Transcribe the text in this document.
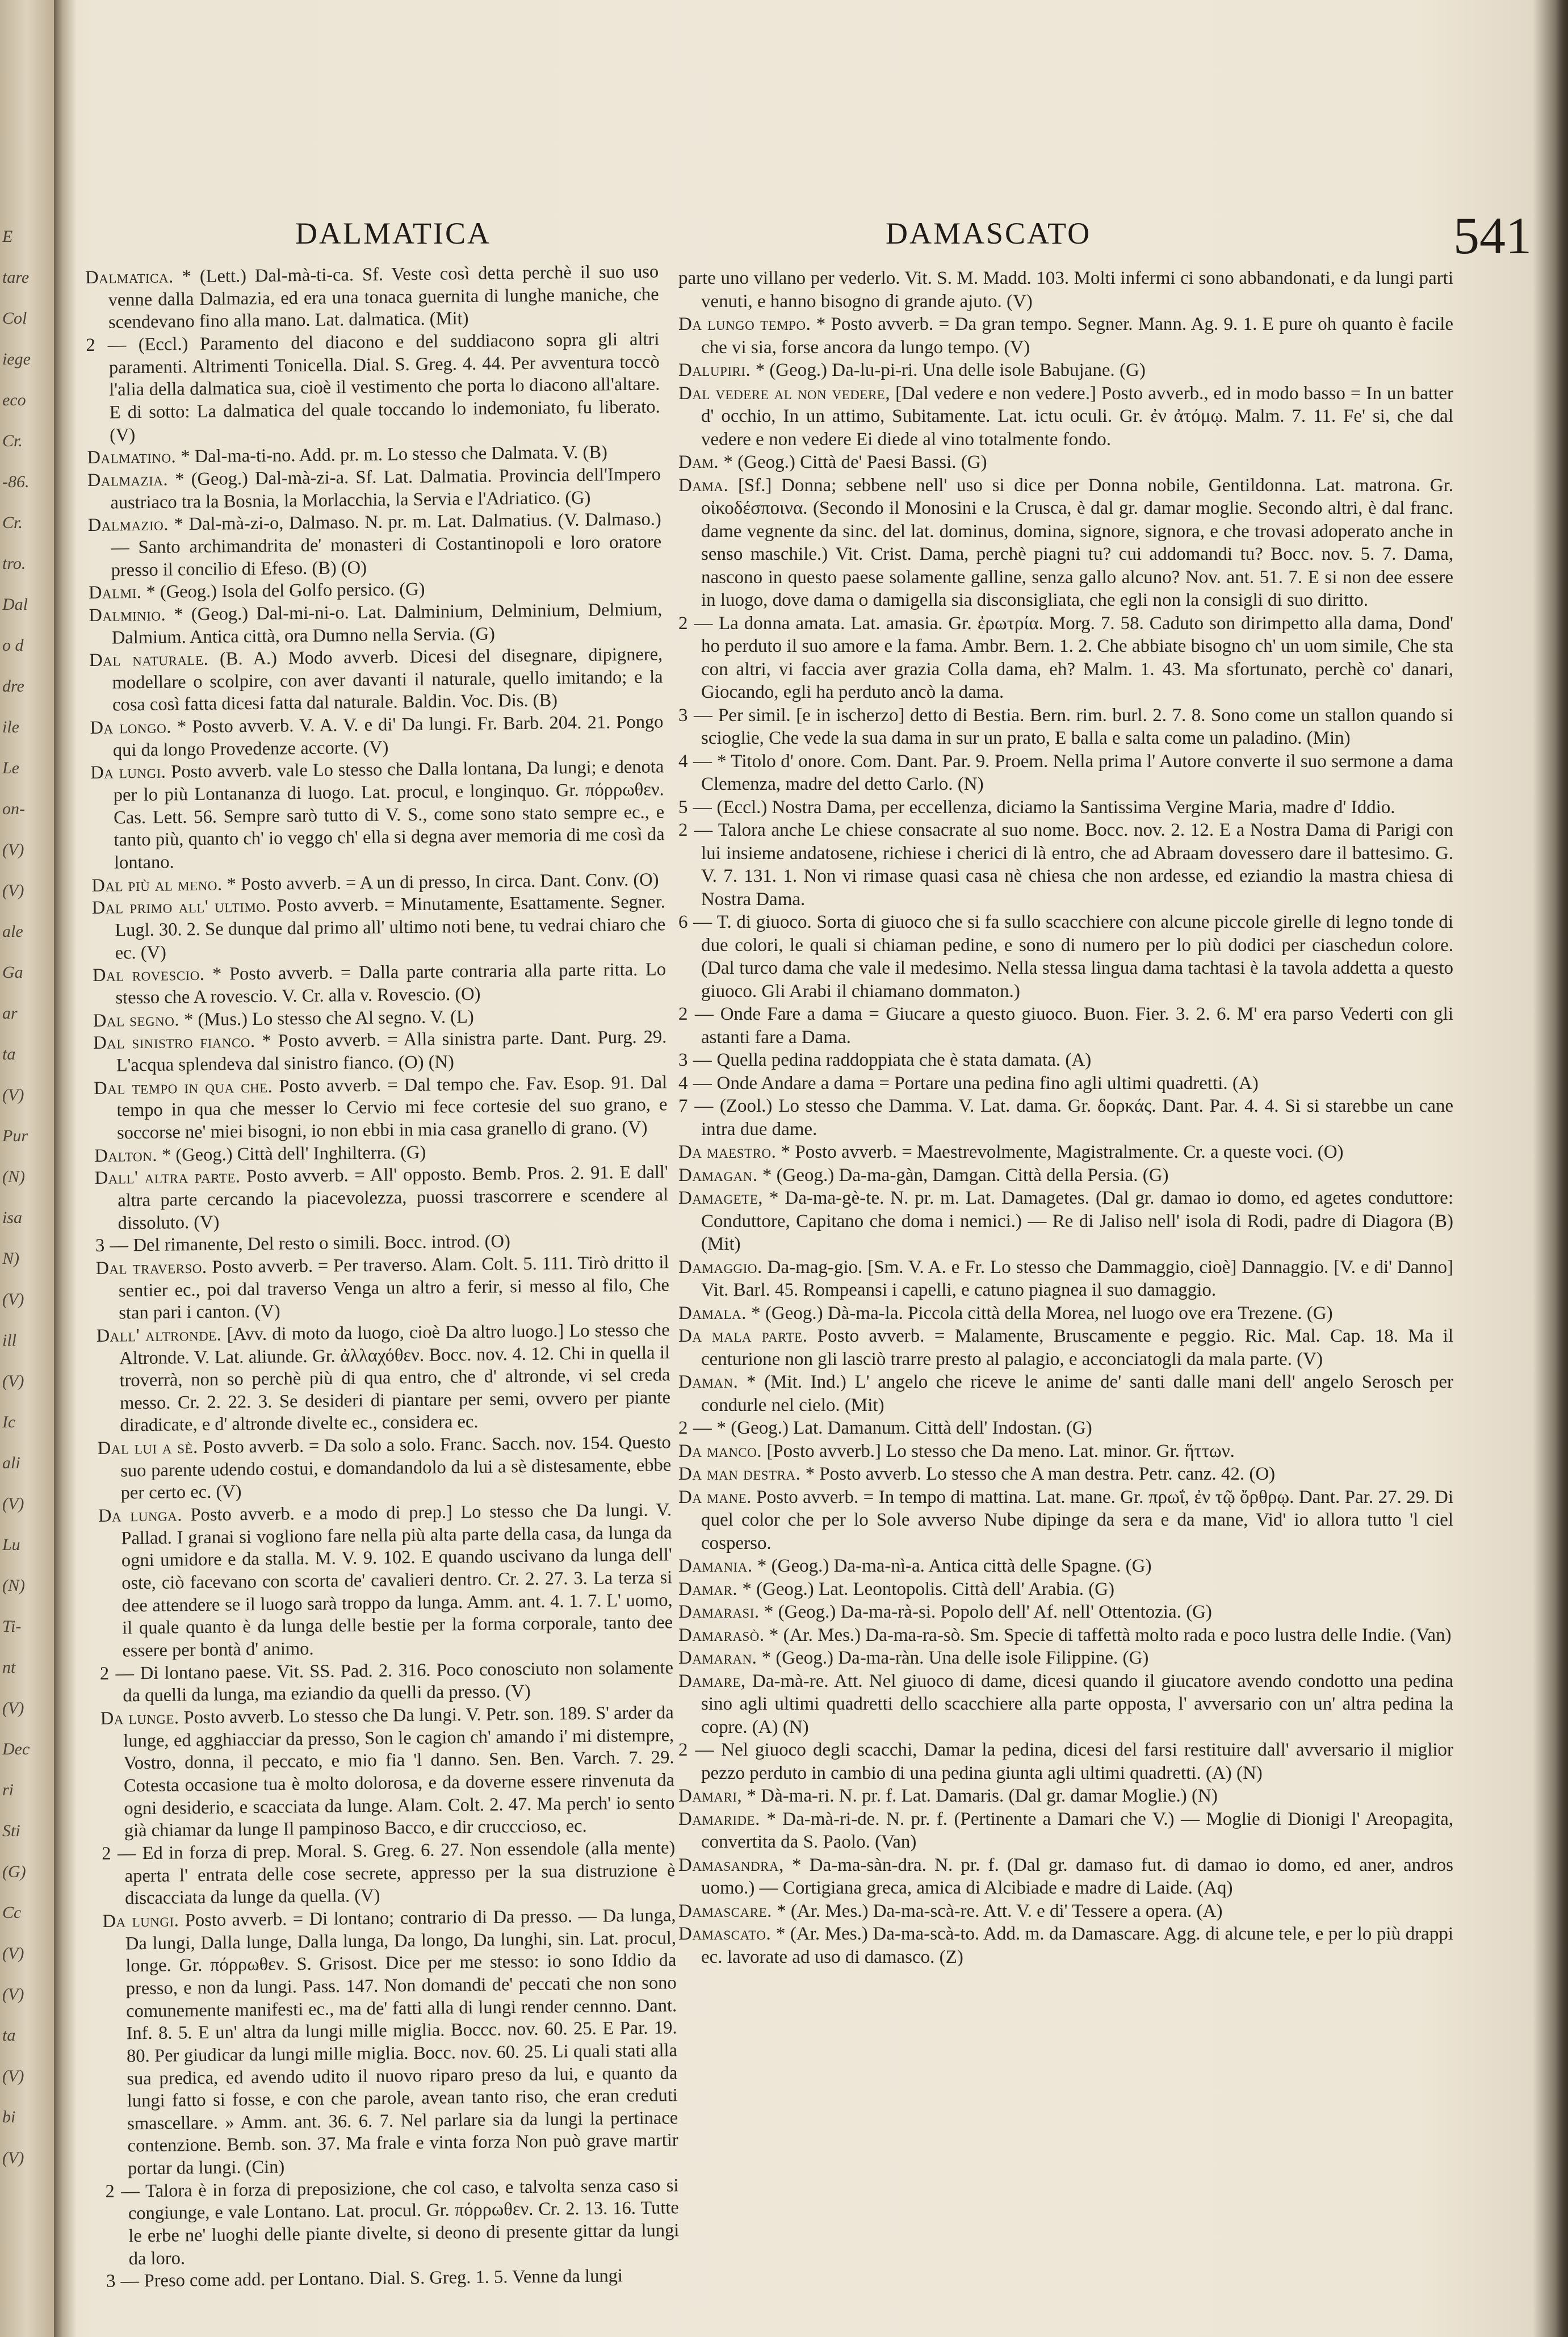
E
tare
Col
iege
eco
Cr.
-86.
Cr.
tro.
Dal
o d
dre
ile
Le
on-
(V)
(V)
ale
Ga
ar
ta
(V)
Pur
(N)
isa
N)
(V)
ill
(V)
Ic
ali
(V)
Lu
(N)
Ti-
nt
(V)
Dec
ri
Sti
(G)
Cc
(V)
(V)
ta
(V)
bi
(V)
DALMATICA	DAMASCATO	541

Dalmatica. * (Lett.) Dal-mà-ti-ca. Sf. Veste così detta perchè il suo uso venne dalla Dalmazia, ed era una tonaca guernita di lunghe maniche, che scendevano fino alla mano. Lat. dalmatica. (Mit)

2 — (Eccl.) Paramento del diacono e del suddiacono sopra gli altri paramenti. Altrimenti Tonicella. Dial. S. Greg. 4. 44. Per avventura toccò l'alia della dalmatica sua, cioè il vestimento che porta lo diacono all'altare. E di sotto: La dalmatica del quale toccando lo indemoniato, fu liberato. (V)

Dalmatino. * Dal-ma-ti-no. Add. pr. m. Lo stesso che Dalmata. V. (B)

Dalmazia. * (Geog.) Dal-mà-zi-a. Sf. Lat. Dalmatia. Provincia dell'Impero austriaco tra la Bosnia, la Morlacchia, la Servia e l'Adriatico. (G)

Dalmazio. * Dal-mà-zi-o, Dalmaso. N. pr. m. Lat. Dalmatius. (V. Dalmaso.) — Santo archimandrita de' monasteri di Costantinopoli e loro oratore presso il concilio di Efeso. (B) (O)

Dalmi. * (Geog.) Isola del Golfo persico. (G)

Dalminio. * (Geog.) Dal-mi-ni-o. Lat. Dalminium, Delminium, Delmium, Dalmium. Antica città, ora Dumno nella Servia. (G)

Dal naturale. (B. A.) Modo avverb. Dicesi del disegnare, dipignere, modellare o scolpire, con aver davanti il naturale, quello imitando; e la cosa così fatta dicesi fatta dal naturale. Baldin. Voc. Dis. (B)

Da longo. * Posto avverb. V. A. V. e di' Da lungi. Fr. Barb. 204. 21. Pongo qui da longo Provedenze accorte. (V)

Da lungi. Posto avverb. vale Lo stesso che Dalla lontana, Da lungi; e denota per lo più Lontananza di luogo. Lat. procul, e longinquo. Gr. πόρρωθεν. Cas. Lett. 56. Sempre sarò tutto di V. S., come sono stato sempre ec., e tanto più, quanto ch' io veggo ch' ella si degna aver memoria di me così da lontano.

Dal più al meno. * Posto avverb. = A un di presso, In circa. Dant. Conv. (O)

Dal primo all' ultimo. Posto avverb. = Minutamente, Esattamente. Segner. Lugl. 30. 2. Se dunque dal primo all' ultimo noti bene, tu vedrai chiaro che ec. (V)

Dal rovescio. * Posto avverb. = Dalla parte contraria alla parte ritta. Lo stesso che A rovescio. V. Cr. alla v. Rovescio. (O)

Dal segno. * (Mus.) Lo stesso che Al segno. V. (L)

Dal sinistro fianco. * Posto avverb. = Alla sinistra parte. Dant. Purg. 29. L'acqua splendeva dal sinistro fianco. (O) (N)

Dal tempo in qua che. Posto avverb. = Dal tempo che. Fav. Esop. 91. Dal tempo in qua che messer lo Cervio mi fece cortesie del suo grano, e soccorse ne' miei bisogni, io non ebbi in mia casa granello di grano. (V)

Dalton. * (Geog.) Città dell' Inghilterra. (G)

Dall' altra parte. Posto avverb. = All' opposto. Bemb. Pros. 2. 91. E dall' altra parte cercando la piacevolezza, puossi trascorrere e scendere al dissoluto. (V)

3 — Del rimanente, Del resto o simili. Bocc. introd. (O)

Dal traverso. Posto avverb. = Per traverso. Alam. Colt. 5. 111. Tirò dritto il sentier ec., poi dal traverso Venga un altro a ferir, si messo al filo, Che stan pari i canton. (V)

Dall' altronde. [Avv. di moto da luogo, cioè Da altro luogo.] Lo stesso che Altronde. V. Lat. aliunde. Gr. ἀλλαχόθεν. Bocc. nov. 4. 12. Chi in quella il troverrà, non so perchè più di qua entro, che d' altronde, vi sel creda messo. Cr. 2. 22. 3. Se desideri di piantare per semi, ovvero per piante diradicate, e d' altronde divelte ec., considera ec.

Dal lui a sè. Posto avverb. = Da solo a solo. Franc. Sacch. nov. 154. Questo suo parente udendo costui, e domandandolo da lui a sè distesamente, ebbe per certo ec. (V)

Da lunga. Posto avverb. e a modo di prep.] Lo stesso che Da lungi. V. Pallad. I granai si vogliono fare nella più alta parte della casa, da lunga da ogni umidore e da stalla. M. V. 9. 102. E quando uscivano da lunga dell' oste, ciò facevano con scorta de' cavalieri dentro. Cr. 2. 27. 3. La terza si dee attendere se il luogo sarà troppo da lunga. Amm. ant. 4. 1. 7. L' uomo, il quale quanto è da lunga delle bestie per la forma corporale, tanto dee essere per bontà d' animo.

2 — Di lontano paese. Vit. SS. Pad. 2. 316. Poco conosciuto non solamente da quelli da lunga, ma eziandio da quelli da presso. (V)

Da lunge. Posto avverb. Lo stesso che Da lungi. V. Petr. son. 189. S' arder da lunge, ed agghiacciar da presso, Son le cagion ch' amando i' mi distempre, Vostro, donna, il peccato, e mio fia 'l danno. Sen. Ben. Varch. 7. 29. Cotesta occasione tua è molto dolorosa, e da doverne essere rinvenuta da ogni desiderio, e scacciata da lunge. Alam. Colt. 2. 47. Ma perch' io sento già chiamar da lunge Il pampinoso Bacco, e dir crucccioso, ec.

2 — Ed in forza di prep. Moral. S. Greg. 6. 27. Non essendole (alla mente) aperta l' entrata delle cose secrete, appresso per la sua distruzione è discacciata da lunge da quella. (V)

Da lungi. Posto avverb. = Di lontano; contrario di Da presso. — Da lunga, Da lungi, Dalla lunge, Dalla lunga, Da longo, Da lunghi, sin. Lat. procul, longe. Gr. πόρρωθεν. S. Grisost. Dice per me stesso: io sono Iddio da presso, e non da lungi. Pass. 147. Non domandi de' peccati che non sono comunemente manifesti ec., ma de' fatti alla di lungi render cennno. Dant. Inf. 8. 5. E un' altra da lungi mille miglia. Boccc. nov. 60. 25. E Par. 19. 80. Per giudicar da lungi mille miglia. Bocc. nov. 60. 25. Li quali stati alla sua predica, ed avendo udito il nuovo riparo preso da lui, e quanto da lungi fatto si fosse, e con che parole, avean tanto riso, che eran creduti smascellare. » Amm. ant. 36. 6. 7. Nel parlare sia da lungi la pertinace contenzione. Bemb. son. 37. Ma frale e vinta forza Non può grave martir portar da lungi. (Cin)

2 — Talora è in forza di preposizione, che col caso, e talvolta senza caso si congiunge, e vale Lontano. Lat. procul. Gr. πόρρωθεν. Cr. 2. 13. 16. Tutte le erbe ne' luoghi delle piante divelte, si deono di presente gittar da lungi da loro.

3 — Preso come add. per Lontano. Dial. S. Greg. 1. 5. Venne da lungi

parte uno villano per vederlo. Vit. S. M. Madd. 103. Molti infermi ci sono abbandonati, e da lungi parti venuti, e hanno bisogno di grande ajuto. (V)

Da lungo tempo. * Posto avverb. = Da gran tempo. Segner. Mann. Ag. 9. 1. E pure oh quanto è facile che vi sia, forse ancora da lungo tempo. (V)

Dalupiri. * (Geog.) Da-lu-pi-ri. Una delle isole Babujane. (G)

Dal vedere al non vedere, [Dal vedere e non vedere.] Posto avverb., ed in modo basso = In un batter d' occhio, In un attimo, Subitamente. Lat. ictu oculi. Gr. ἐν ἀτόμῳ. Malm. 7. 11. Fe' si, che dal vedere e non vedere Ei diede al vino totalmente fondo.

Dam. * (Geog.) Città de' Paesi Bassi. (G)

Dama. [Sf.] Donna; sebbene nell' uso si dice per Donna nobile, Gentildonna. Lat. matrona. Gr. οἰκοδέσποινα. (Secondo il Monosini e la Crusca, è dal gr. damar moglie. Secondo altri, è dal franc. dame vegnente da sinc. del lat. dominus, domina, signore, signora, e che trovasi adoperato anche in senso maschile.) Vit. Crist. Dama, perchè piagni tu? cui addomandi tu? Bocc. nov. 5. 7. Dama, nascono in questo paese solamente galline, senza gallo alcuno? Nov. ant. 51. 7. E si non dee essere in luogo, dove dama o damigella sia disconsigliata, che egli non la consigli di suo diritto.

2 — La donna amata. Lat. amasia. Gr. ἐρωτρία. Morg. 7. 58. Caduto son dirimpetto alla dama, Dond' ho perduto il suo amore e la fama. Ambr. Bern. 1. 2. Che abbiate bisogno ch' un uom simile, Che sta con altri, vi faccia aver grazia Colla dama, eh? Malm. 1. 43. Ma sfortunato, perchè co' danari, Giocando, egli ha perduto ancò la dama.

3 — Per simil. [e in ischerzo] detto di Bestia. Bern. rim. burl. 2. 7. 8. Sono come un stallon quando si scioglie, Che vede la sua dama in sur un prato, E balla e salta come un paladino. (Min)

4 — * Titolo d' onore. Com. Dant. Par. 9. Proem. Nella prima l' Autore converte il suo sermone a dama Clemenza, madre del detto Carlo. (N)

5 — (Eccl.) Nostra Dama, per eccellenza, diciamo la Santissima Vergine Maria, madre d' Iddio.

2 — Talora anche Le chiese consacrate al suo nome. Bocc. nov. 2. 12. E a Nostra Dama di Parigi con lui insieme andatosene, richiese i cherici di là entro, che ad Abraam dovessero dare il battesimo. G. V. 7. 131. 1. Non vi rimase quasi casa nè chiesa che non ardesse, ed eziandio la mastra chiesa di Nostra Dama.

6 — T. di giuoco. Sorta di giuoco che si fa sullo scacchiere con alcune piccole girelle di legno tonde di due colori, le quali si chiaman pedine, e sono di numero per lo più dodici per ciaschedun colore. (Dal turco dama che vale il medesimo. Nella stessa lingua dama tachtasi è la tavola addetta a questo giuoco. Gli Arabi il chiamano dommaton.)

2 — Onde Fare a dama = Giucare a questo giuoco. Buon. Fier. 3. 2. 6. M' era parso Vederti con gli astanti fare a Dama.

3 — Quella pedina raddoppiata che è stata damata. (A)

4 — Onde Andare a dama = Portare una pedina fino agli ultimi quadretti. (A)

7 — (Zool.) Lo stesso che Damma. V. Lat. dama. Gr. δορκάς. Dant. Par. 4. 4. Si si starebbe un cane intra due dame.

Da maestro. * Posto avverb. = Maestrevolmente, Magistralmente. Cr. a queste voci. (O)

Damagan. * (Geog.) Da-ma-gàn, Damgan. Città della Persia. (G)

Damagete, * Da-ma-gè-te. N. pr. m. Lat. Damagetes. (Dal gr. damao io domo, ed agetes conduttore: Conduttore, Capitano che doma i nemici.) — Re di Jaliso nell' isola di Rodi, padre di Diagora (B)(Mit)

Damaggio. Da-mag-gio. [Sm. V. A. e Fr. Lo stesso che Dammaggio, cioè] Dannaggio. [V. e di' Danno] Vit. Barl. 45. Rompeansi i capelli, e catuno piagnea il suo damaggio.

Damala. * (Geog.) Dà-ma-la. Piccola città della Morea, nel luogo ove era Trezene. (G)

Da mala parte. Posto avverb. = Malamente, Bruscamente e peggio. Ric. Mal. Cap. 18. Ma il centurione non gli lasciò trarre presto al palagio, e acconciatogli da mala parte. (V)

Daman. * (Mit. Ind.) L' angelo che riceve le anime de' santi dalle mani dell' angelo Serosch per condurle nel cielo. (Mit)

2 — * (Geog.) Lat. Damanum. Città dell' Indostan. (G)

Da manco. [Posto avverb.] Lo stesso che Da meno. Lat. minor. Gr. ἥττων.

Da man destra. * Posto avverb. Lo stesso che A man destra. Petr. canz. 42. (O)

Da mane. Posto avverb. = In tempo di mattina. Lat. mane. Gr. πρωΐ, ἐν τῷ ὄρθρῳ. Dant. Par. 27. 29. Di quel color che per lo Sole avverso Nube dipinge da sera e da mane, Vid' io allora tutto 'l ciel cosperso.

Damania. * (Geog.) Da-ma-nì-a. Antica città delle Spagne. (G)

Damar. * (Geog.) Lat. Leontopolis. Città dell' Arabia. (G)

Damarasi. * (Geog.) Da-ma-rà-si. Popolo dell' Af. nell' Ottentozia. (G)

Damarasò. * (Ar. Mes.) Da-ma-ra-sò. Sm. Specie di taffettà molto rada e poco lustra delle Indie. (Van)

Damaran. * (Geog.) Da-ma-ràn. Una delle isole Filippine. (G)

Damare, Da-mà-re. Att. Nel giuoco di dame, dicesi quando il giucatore avendo condotto una pedina sino agli ultimi quadretti dello scacchiere alla parte opposta, l' avversario con un' altra pedina la copre. (A) (N)

2 — Nel giuoco degli scacchi, Damar la pedina, dicesi del farsi restituire dall' avversario il miglior pezzo perduto in cambio di una pedina giunta agli ultimi quadretti. (A) (N)

Damari, * Dà-ma-ri. N. pr. f. Lat. Damaris. (Dal gr. damar Moglie.) (N)

Damaride. * Da-mà-ri-de. N. pr. f. (Pertinente a Damari che V.) — Moglie di Dionigi l' Areopagita, convertita da S. Paolo. (Van)

Damasandra, * Da-ma-sàn-dra. N. pr. f. (Dal gr. damaso fut. di damao io domo, ed aner, andros uomo.) — Cortigiana greca, amica di Alcibiade e madre di Laide. (Aq)

Damascare. * (Ar. Mes.) Da-ma-scà-re. Att. V. e di' Tessere a opera. (A)

Damascato. * (Ar. Mes.) Da-ma-scà-to. Add. m. da Damascare. Agg. di alcune tele, e per lo più drappi ec. lavorate ad uso di damasco. (Z)
